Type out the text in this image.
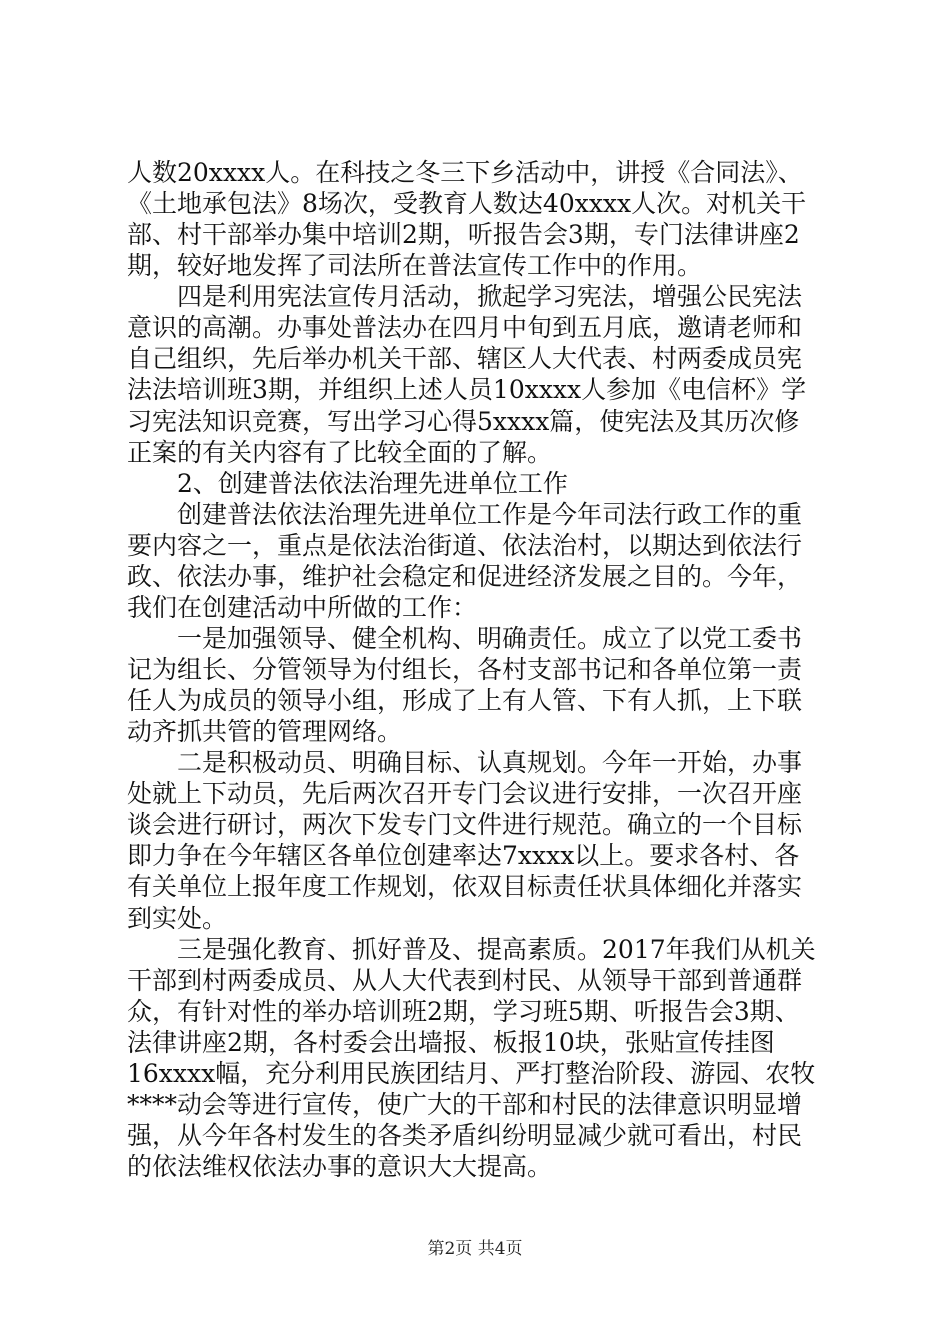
人数20xxxx人。在科技之冬三下乡活动中，讲授《合同法》、
《土地承包法》8场次，受教育人数达40xxxx人次。对机关干
部、村干部举办集中培训2期，听报告会3期，专门法律讲座2
期，较好地发挥了司法所在普法宣传工作中的作用。
　　四是利用宪法宣传月活动，掀起学习宪法，增强公民宪法
意识的高潮。办事处普法办在四月中旬到五月底，邀请老师和
自己组织，先后举办机关干部、辖区人大代表、村两委成员宪
法法培训班3期，并组织上述人员10xxxx人参加《电信杯》学
习宪法知识竞赛，写出学习心得5xxxx篇，使宪法及其历次修
正案的有关内容有了比较全面的了解。
　　2、创建普法依法治理先进单位工作
　　创建普法依法治理先进单位工作是今年司法行政工作的重
要内容之一，重点是依法治街道、依法治村，以期达到依法行
政、依法办事，维护社会稳定和促进经济发展之目的。今年，
我们在创建活动中所做的工作：
　　一是加强领导、健全机构、明确责任。成立了以党工委书
记为组长、分管领导为付组长，各村支部书记和各单位第一责
任人为成员的领导小组，形成了上有人管、下有人抓，上下联
动齐抓共管的管理网络。
　　二是积极动员、明确目标、认真规划。今年一开始，办事
处就上下动员，先后两次召开专门会议进行安排，一次召开座
谈会进行研讨，两次下发专门文件进行规范。确立的一个目标
即力争在今年辖区各单位创建率达7xxxx以上。要求各村、各
有关单位上报年度工作规划，依双目标责任状具体细化并落实
到实处。
　　三是强化教育、抓好普及、提高素质。2017年我们从机关
干部到村两委成员、从人大代表到村民、从领导干部到普通群
众，有针对性的举办培训班2期，学习班5期、听报告会3期、
法律讲座2期，各村委会出墙报、板报10块，张贴宣传挂图
16xxxx幅，充分利用民族团结月、严打整治阶段、游园、农牧
****动会等进行宣传，使广大的干部和村民的法律意识明显增
强，从今年各村发生的各类矛盾纠纷明显减少就可看出，村民
的依法维权依法办事的意识大大提高。
第2页 共4页
